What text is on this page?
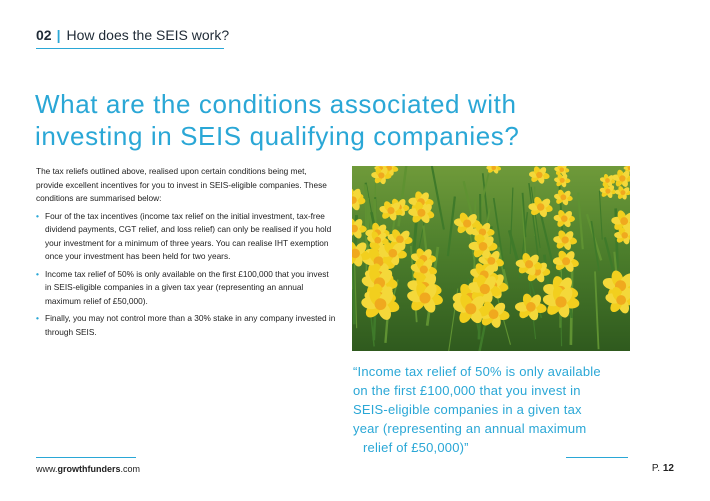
02 | How does the SEIS work?
What are the conditions associated with
investing in SEIS qualifying companies?

The tax reliefs outlined above, realised upon certain conditions being met, provide excellent incentives for you to invest in SEIS-eligible companies. These conditions are summarised below:

• Four of the tax incentives (income tax relief on the initial investment, tax-free dividend payments, CGT relief, and loss relief) can only be realised if you hold your investment for a minimum of three years. You can realise IHT exemption once your investment has been held for two years.
• Income tax relief of 50% is only available on the first £100,000 that you invest in SEIS-eligible companies in a given tax year (representing an annual maximum relief of £50,000).
• Finally, you may not control more than a 30% stake in any company invested in through SEIS.
“Income tax relief of 50% is only available
on the first £100,000 that you invest in
SEIS-eligible companies in a given tax
year (representing an annual maximum
relief of £50,000)”
www.growthfunders.com	P. 12
